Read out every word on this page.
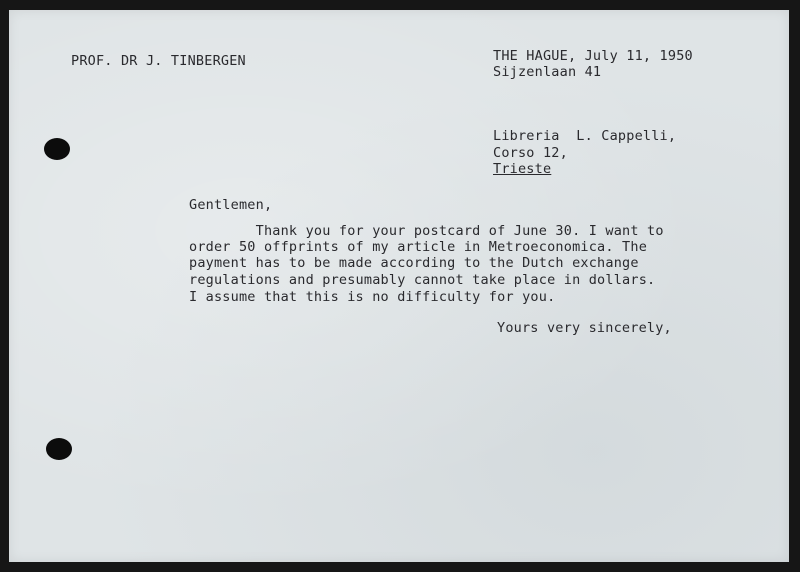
PROF. DR J. TINBERGEN	THE HAGUE, July 11, 1950
Sijzenlaan 41
Libreria  L. Cappelli,
Corso 12,
Trieste
Gentlemen,
Thank you for your postcard of June 30. I want to
order 50 offprints of my article in Metroeconomica. The
payment has to be made according to the Dutch exchange
regulations and presumably cannot take place in dollars.
I assume that this is no difficulty for you.
Yours very sincerely,
